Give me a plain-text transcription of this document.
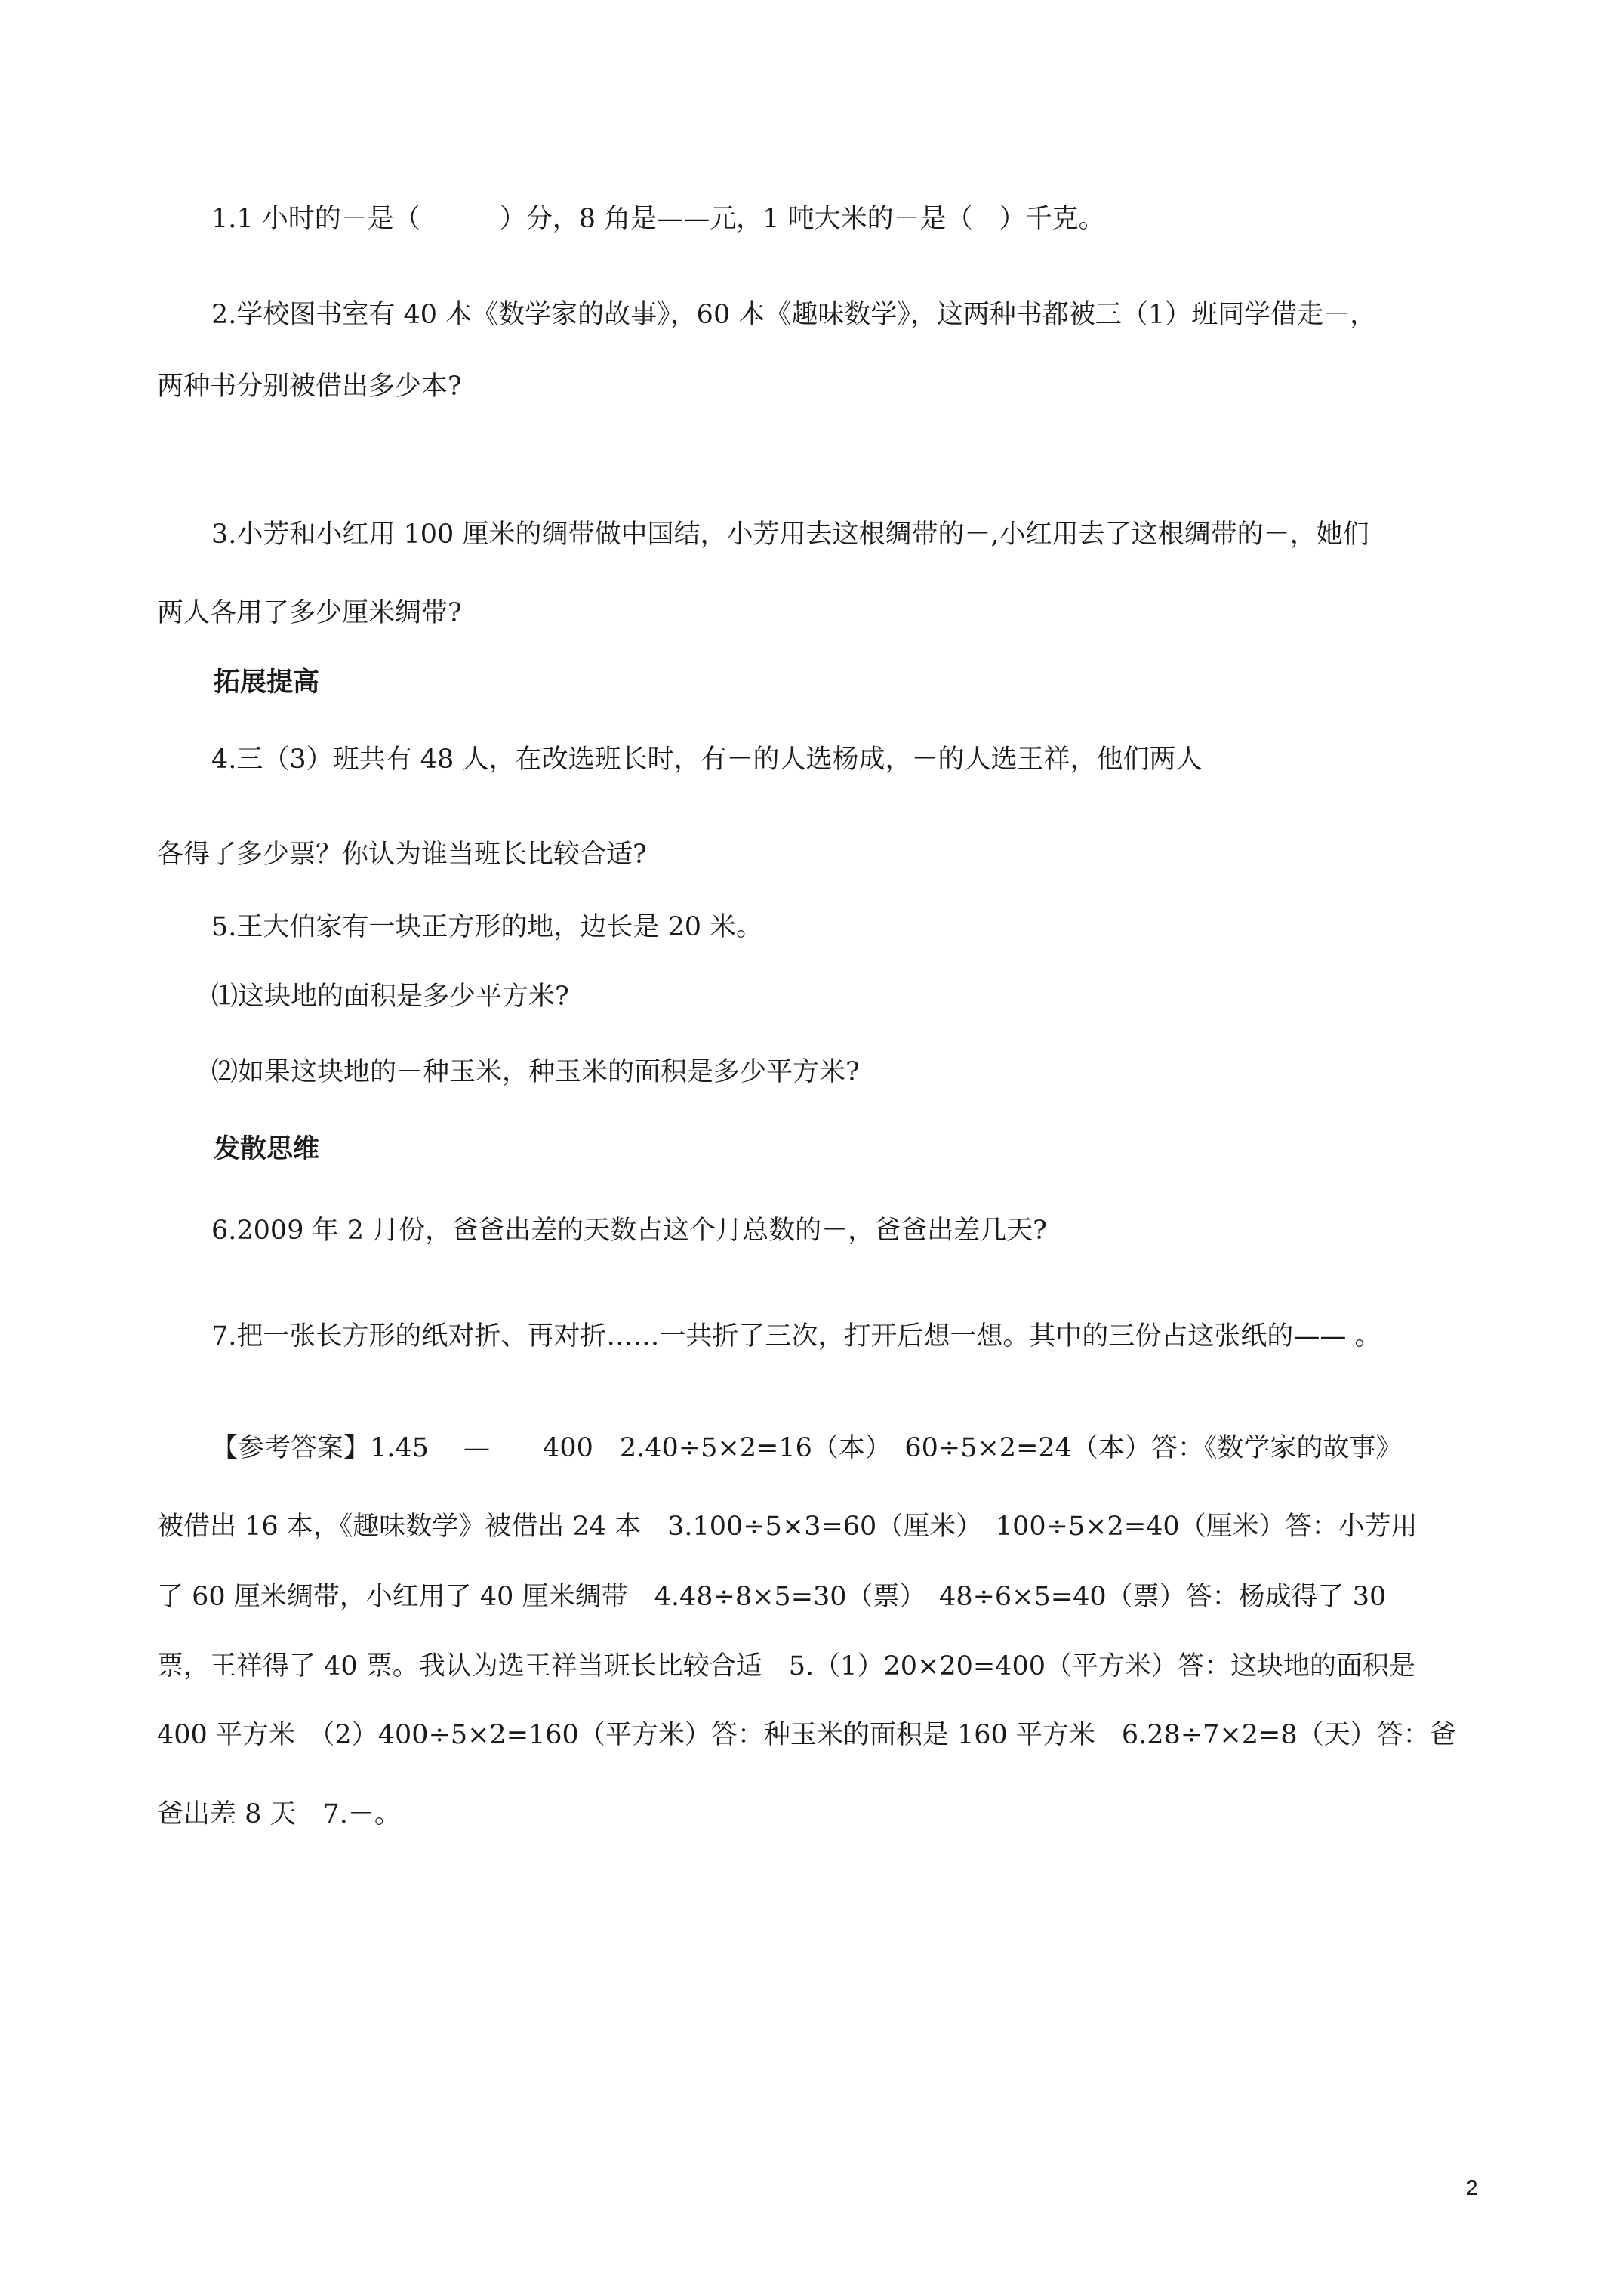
1.1 小时的－是（　　　）分，8 角是——元，1 吨大米的－是（　）千克。
2.学校图书室有 40 本《数学家的故事》，60 本《趣味数学》，这两种书都被三（1）班同学借走－，
两种书分别被借出多少本?
3.小芳和小红用 100 厘米的绸带做中国结，小芳用去这根绸带的－,小红用去了这根绸带的－，她们
两人各用了多少厘米绸带?
拓展提高
4.三（3）班共有 48 人，在改选班长时，有－的人选杨成，－的人选王祥，他们两人
各得了多少票？你认为谁当班长比较合适?
5.王大伯家有一块正方形的地，边长是 20 米。
⑴这块地的面积是多少平方米?
⑵如果这块地的－种玉米，种玉米的面积是多少平方米?
发散思维
6.2009 年 2 月份，爸爸出差的天数占这个月总数的－，爸爸出差几天?
7.把一张长方形的纸对折、再对折……一共折了三次，打开后想一想。其中的三份占这张纸的—— 。
【参考答案】1.45 　—　　400　2.40÷5×2=16（本）　60÷5×2=24（本）答：《数学家的故事》
被借出 16 本，《趣味数学》被借出 24 本　3.100÷5×3=60（厘米）　100÷5×2=40（厘米）答：小芳用
了 60 厘米绸带，小红用了 40 厘米绸带　4.48÷8×5=30（票）　48÷6×5=40（票）答：杨成得了 30
票，王祥得了 40 票。我认为选王祥当班长比较合适　5.（1）20×20=400（平方米）答：这块地的面积是
400 平方米　（2）400÷5×2=160（平方米）答：种玉米的面积是 160 平方米　6.28÷7×2=8（天）答：爸
爸出差 8 天　7.－。
2
